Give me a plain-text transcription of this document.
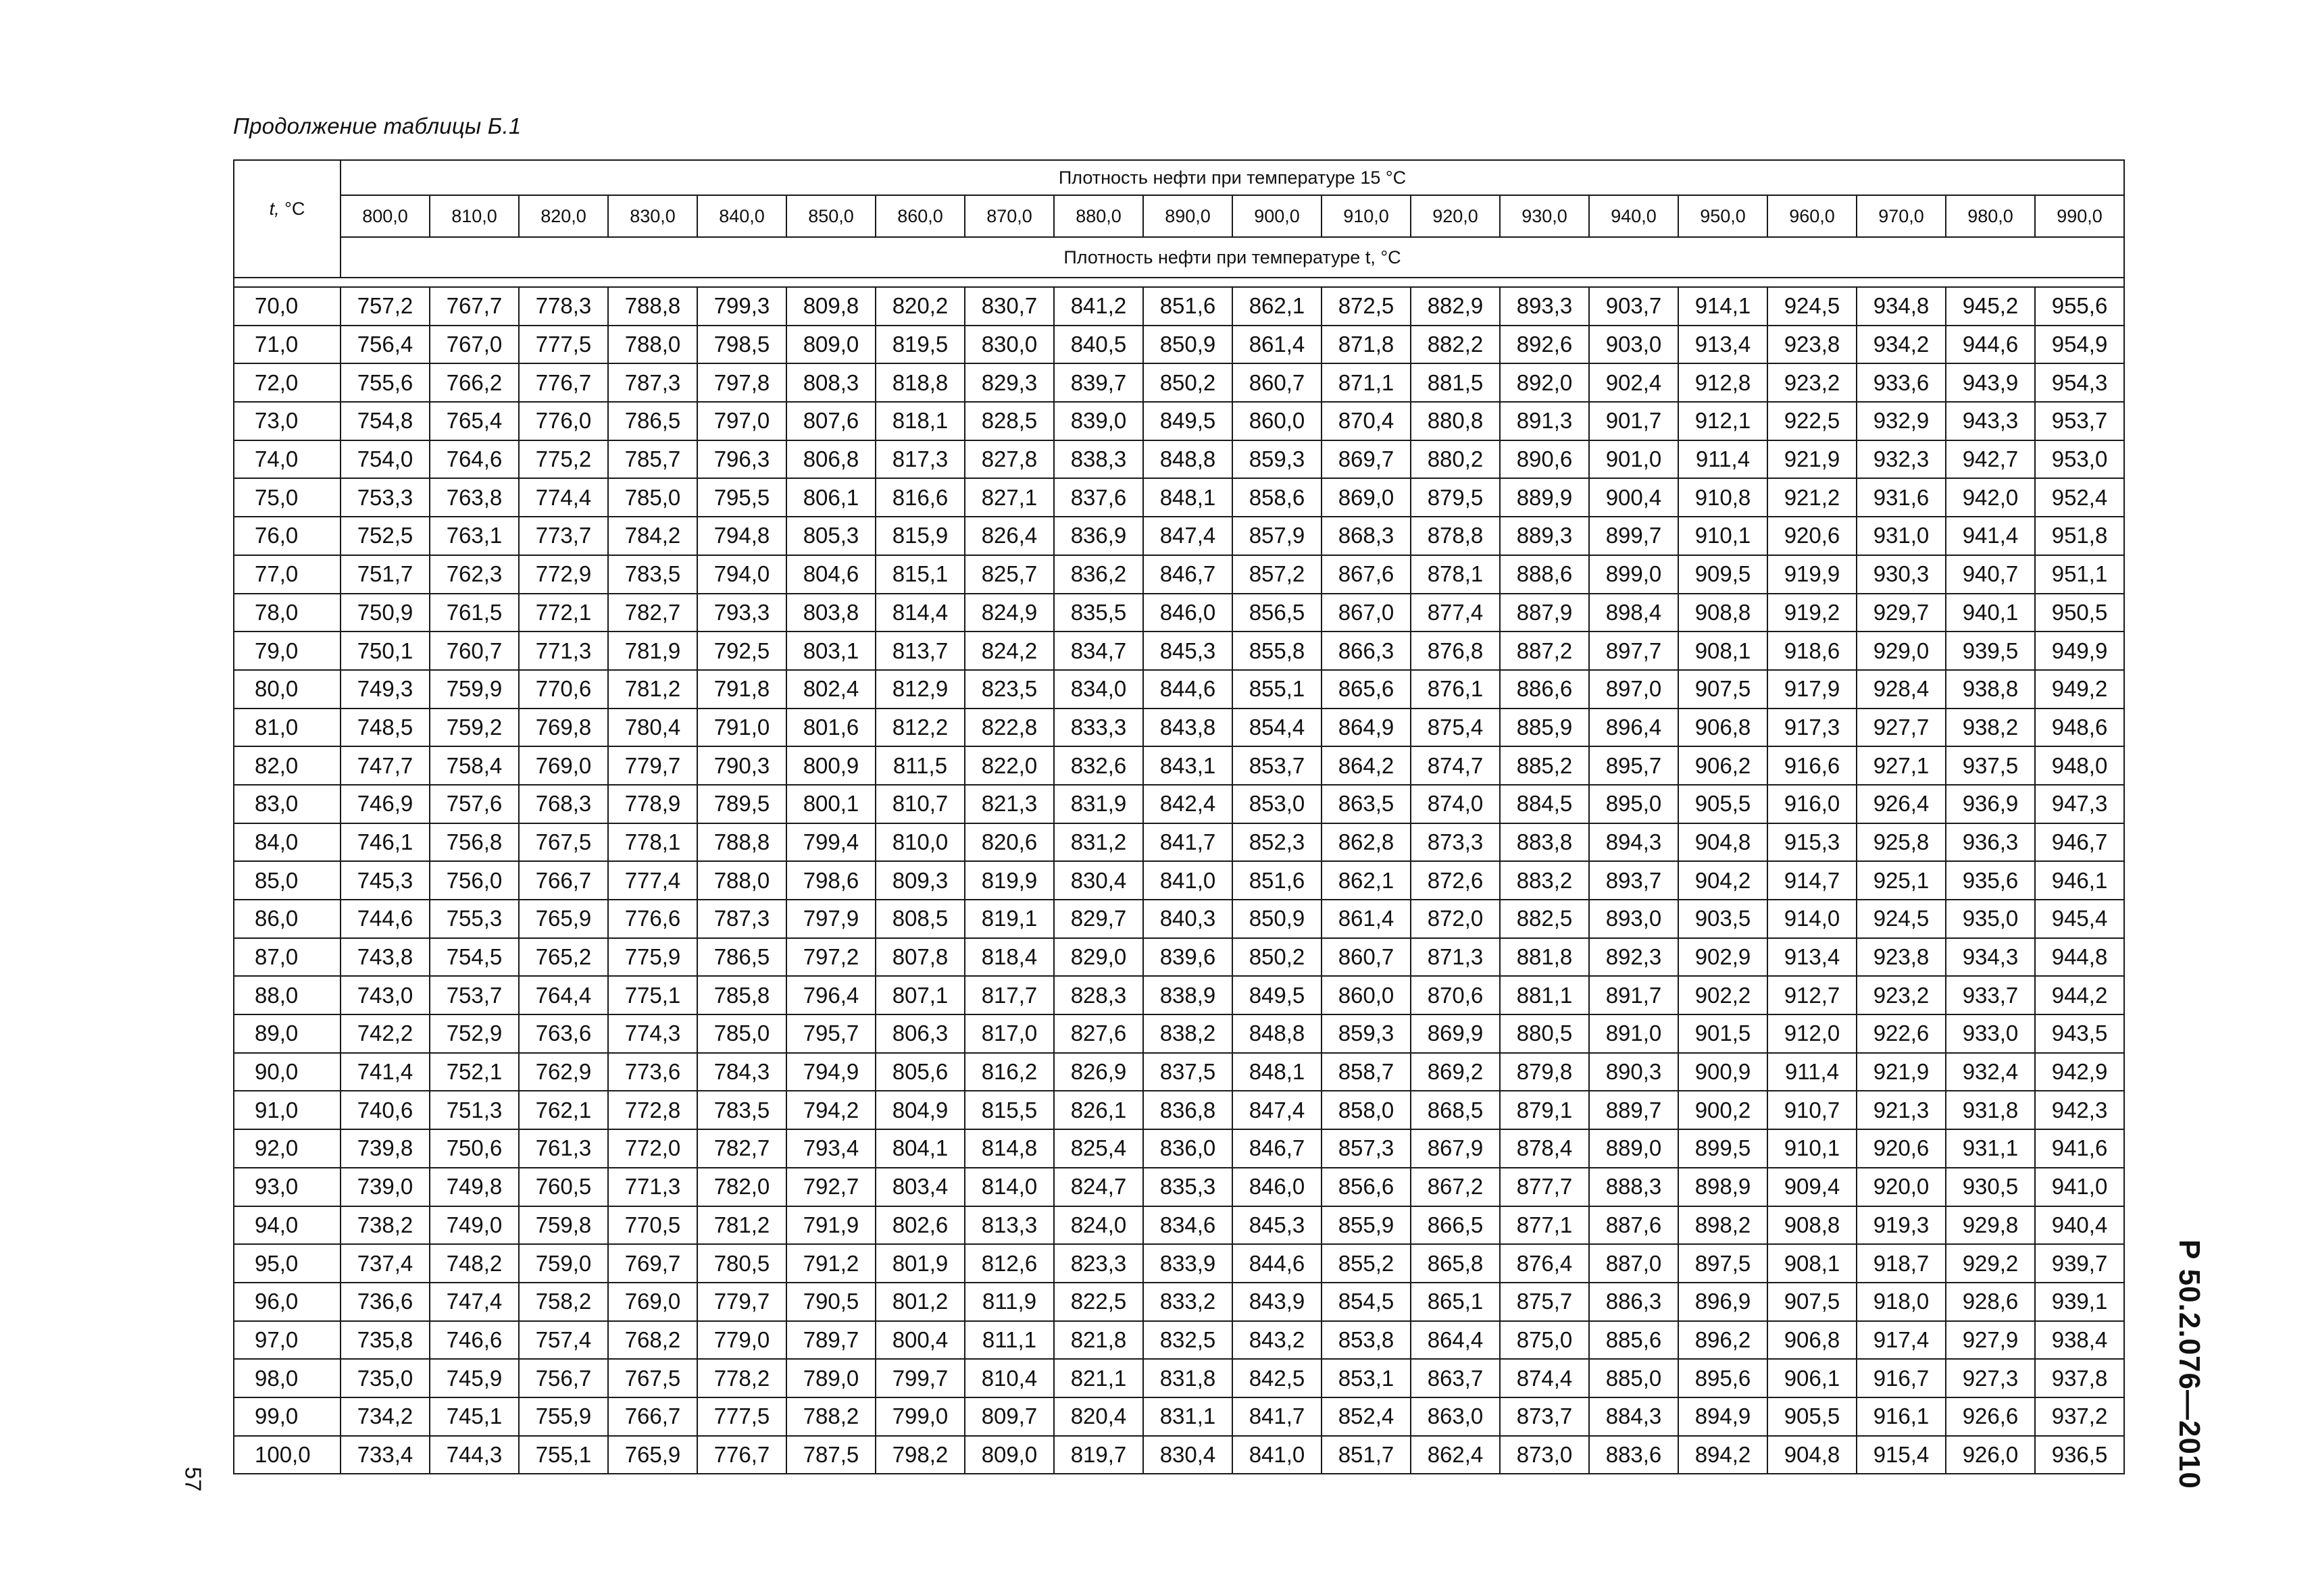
Продолжение таблицы Б.1
t, °C	Плотность нефти при температуре 15 °С																			
	800,0	810,0	820,0	830,0	840,0	850,0	860,0	870,0	880,0	890,0	900,0	910,0	920,0	930,0	940,0	950,0	960,0	970,0	980,0	990,0
	Плотность нефти при температуре t, °С																			

70,0	757,2	767,7	778,3	788,8	799,3	809,8	820,2	830,7	841,2	851,6	862,1	872,5	882,9	893,3	903,7	914,1	924,5	934,8	945,2	955,6
71,0	756,4	767,0	777,5	788,0	798,5	809,0	819,5	830,0	840,5	850,9	861,4	871,8	882,2	892,6	903,0	913,4	923,8	934,2	944,6	954,9
72,0	755,6	766,2	776,7	787,3	797,8	808,3	818,8	829,3	839,7	850,2	860,7	871,1	881,5	892,0	902,4	912,8	923,2	933,6	943,9	954,3
73,0	754,8	765,4	776,0	786,5	797,0	807,6	818,1	828,5	839,0	849,5	860,0	870,4	880,8	891,3	901,7	912,1	922,5	932,9	943,3	953,7
74,0	754,0	764,6	775,2	785,7	796,3	806,8	817,3	827,8	838,3	848,8	859,3	869,7	880,2	890,6	901,0	911,4	921,9	932,3	942,7	953,0
75,0	753,3	763,8	774,4	785,0	795,5	806,1	816,6	827,1	837,6	848,1	858,6	869,0	879,5	889,9	900,4	910,8	921,2	931,6	942,0	952,4
76,0	752,5	763,1	773,7	784,2	794,8	805,3	815,9	826,4	836,9	847,4	857,9	868,3	878,8	889,3	899,7	910,1	920,6	931,0	941,4	951,8
77,0	751,7	762,3	772,9	783,5	794,0	804,6	815,1	825,7	836,2	846,7	857,2	867,6	878,1	888,6	899,0	909,5	919,9	930,3	940,7	951,1
78,0	750,9	761,5	772,1	782,7	793,3	803,8	814,4	824,9	835,5	846,0	856,5	867,0	877,4	887,9	898,4	908,8	919,2	929,7	940,1	950,5
79,0	750,1	760,7	771,3	781,9	792,5	803,1	813,7	824,2	834,7	845,3	855,8	866,3	876,8	887,2	897,7	908,1	918,6	929,0	939,5	949,9
80,0	749,3	759,9	770,6	781,2	791,8	802,4	812,9	823,5	834,0	844,6	855,1	865,6	876,1	886,6	897,0	907,5	917,9	928,4	938,8	949,2
81,0	748,5	759,2	769,8	780,4	791,0	801,6	812,2	822,8	833,3	843,8	854,4	864,9	875,4	885,9	896,4	906,8	917,3	927,7	938,2	948,6
82,0	747,7	758,4	769,0	779,7	790,3	800,9	811,5	822,0	832,6	843,1	853,7	864,2	874,7	885,2	895,7	906,2	916,6	927,1	937,5	948,0
83,0	746,9	757,6	768,3	778,9	789,5	800,1	810,7	821,3	831,9	842,4	853,0	863,5	874,0	884,5	895,0	905,5	916,0	926,4	936,9	947,3
84,0	746,1	756,8	767,5	778,1	788,8	799,4	810,0	820,6	831,2	841,7	852,3	862,8	873,3	883,8	894,3	904,8	915,3	925,8	936,3	946,7
85,0	745,3	756,0	766,7	777,4	788,0	798,6	809,3	819,9	830,4	841,0	851,6	862,1	872,6	883,2	893,7	904,2	914,7	925,1	935,6	946,1
86,0	744,6	755,3	765,9	776,6	787,3	797,9	808,5	819,1	829,7	840,3	850,9	861,4	872,0	882,5	893,0	903,5	914,0	924,5	935,0	945,4
87,0	743,8	754,5	765,2	775,9	786,5	797,2	807,8	818,4	829,0	839,6	850,2	860,7	871,3	881,8	892,3	902,9	913,4	923,8	934,3	944,8
88,0	743,0	753,7	764,4	775,1	785,8	796,4	807,1	817,7	828,3	838,9	849,5	860,0	870,6	881,1	891,7	902,2	912,7	923,2	933,7	944,2
89,0	742,2	752,9	763,6	774,3	785,0	795,7	806,3	817,0	827,6	838,2	848,8	859,3	869,9	880,5	891,0	901,5	912,0	922,6	933,0	943,5
90,0	741,4	752,1	762,9	773,6	784,3	794,9	805,6	816,2	826,9	837,5	848,1	858,7	869,2	879,8	890,3	900,9	911,4	921,9	932,4	942,9
91,0	740,6	751,3	762,1	772,8	783,5	794,2	804,9	815,5	826,1	836,8	847,4	858,0	868,5	879,1	889,7	900,2	910,7	921,3	931,8	942,3
92,0	739,8	750,6	761,3	772,0	782,7	793,4	804,1	814,8	825,4	836,0	846,7	857,3	867,9	878,4	889,0	899,5	910,1	920,6	931,1	941,6
93,0	739,0	749,8	760,5	771,3	782,0	792,7	803,4	814,0	824,7	835,3	846,0	856,6	867,2	877,7	888,3	898,9	909,4	920,0	930,5	941,0
94,0	738,2	749,0	759,8	770,5	781,2	791,9	802,6	813,3	824,0	834,6	845,3	855,9	866,5	877,1	887,6	898,2	908,8	919,3	929,8	940,4
95,0	737,4	748,2	759,0	769,7	780,5	791,2	801,9	812,6	823,3	833,9	844,6	855,2	865,8	876,4	887,0	897,5	908,1	918,7	929,2	939,7
96,0	736,6	747,4	758,2	769,0	779,7	790,5	801,2	811,9	822,5	833,2	843,9	854,5	865,1	875,7	886,3	896,9	907,5	918,0	928,6	939,1
97,0	735,8	746,6	757,4	768,2	779,0	789,7	800,4	811,1	821,8	832,5	843,2	853,8	864,4	875,0	885,6	896,2	906,8	917,4	927,9	938,4
98,0	735,0	745,9	756,7	767,5	778,2	789,0	799,7	810,4	821,1	831,8	842,5	853,1	863,7	874,4	885,0	895,6	906,1	916,7	927,3	937,8
99,0	734,2	745,1	755,9	766,7	777,5	788,2	799,0	809,7	820,4	831,1	841,7	852,4	863,0	873,7	884,3	894,9	905,5	916,1	926,6	937,2
100,0	733,4	744,3	755,1	765,9	776,7	787,5	798,2	809,0	819,7	830,4	841,0	851,7	862,4	873,0	883,6	894,2	904,8	915,4	926,0	936,5 Р 50.2.076—2010
57
